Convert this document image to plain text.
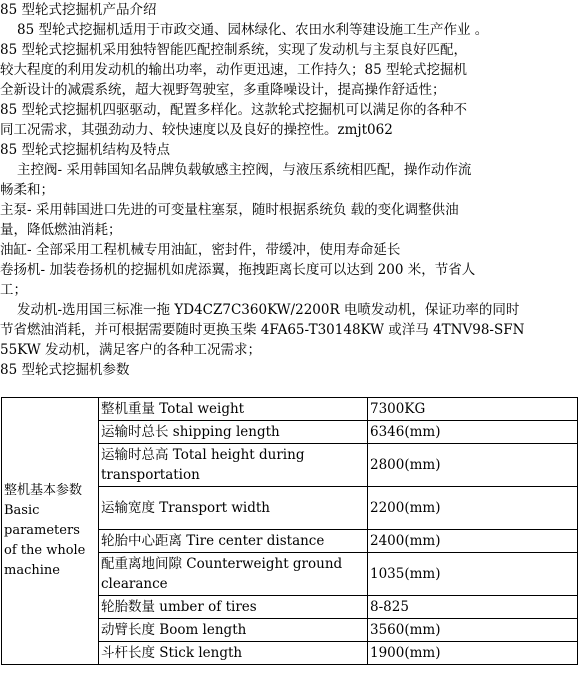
85 型轮式挖掘机产品介绍
85 型轮式挖掘机适用于市政交通、园林绿化、农田水利等建设施工生产作业 。
85 型轮式挖掘机采用独特智能匹配控制系统，实现了发动机与主泵良好匹配，
较大程度的利用发动机的输出功率，动作更迅速，工作持久；85 型轮式挖掘机
全新设计的减震系统，超大视野驾驶室，多重降噪设计，提高操作舒适性；
85 型轮式挖掘机四驱驱动，配置多样化。这款轮式挖掘机可以满足你的各种不
同工况需求，其强劲动力、较快速度以及良好的操控性。zmjt062
85 型轮式挖掘机结构及特点
主控阀- 采用韩国知名品牌负载敏感主控阀，与液压系统相匹配，操作动作流
畅柔和；
主泵- 采用韩国进口先进的可变量柱塞泵，随时根据系统负 载的变化调整供油
量，降低燃油消耗；
油缸- 全部采用工程机械专用油缸，密封件，带缓冲，使用寿命延长
卷扬机- 加装卷扬机的挖掘机如虎添翼，拖拽距离长度可以达到 200 米，节省人
工；
发动机-选用国三标准一拖 YD4CZ7C360KW/2200R 电喷发动机，保证功率的同时
节省燃油消耗，并可根据需要随时更换玉柴 4FA65-T30148KW 或洋马 4TNV98-SFN
55KW 发动机，满足客户的各种工况需求；
85 型轮式挖掘机参数
整机基本参数 Basic parameters of the whole machine	整机重量 Total weight	7300KG
	运输时总长 shipping length	6346(mm)
	运输时总高 Total height during transportation	2800(mm)
	运输宽度 Transport width	2200(mm)
	轮胎中心距离 Tire center distance	2400(mm)
	配重离地间隙 Counterweight ground clearance	1035(mm)
	轮胎数量 umber of tires	8-825
	动臂长度 Boom length	3560(mm)
	斗杆长度 Stick length	1900(mm)
